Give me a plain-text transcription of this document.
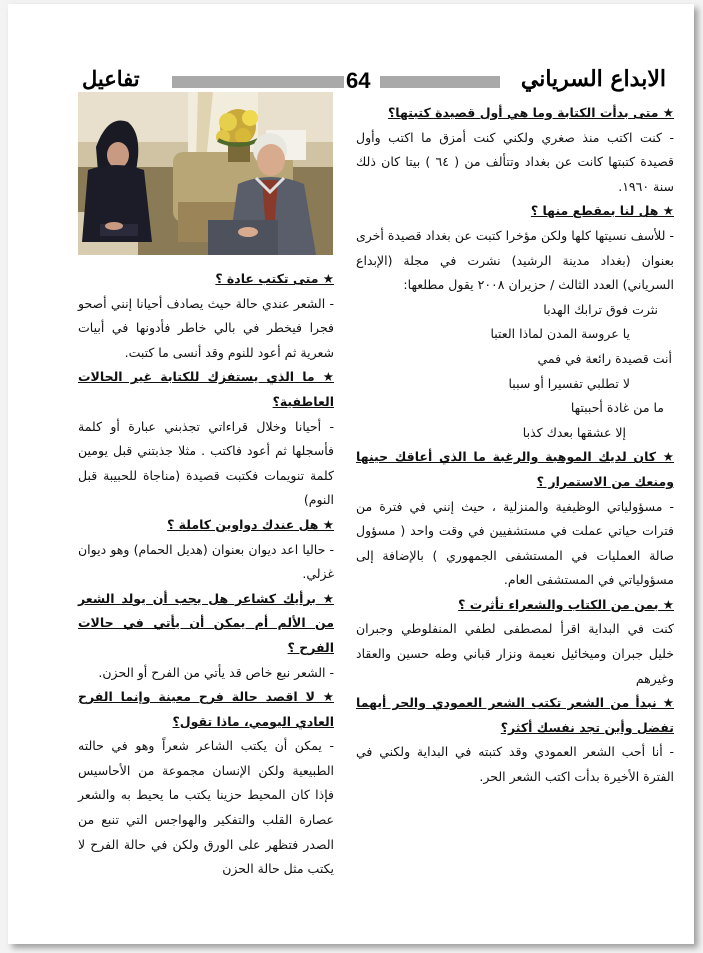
الابداع السرياني
64
تفاعيل

★ متى بدأت الكتابة وما هي أول قصيدة كتبتها؟

- كنت اكتب منذ صغري ولكني كنت أمزق ما اكتب وأول قصيدة كتبتها كانت عن بغداد وتتألف من ( ٦٤ ) بيتا كان ذلك سنة ١٩٦٠.

★ هل لنا بمقطع منها ؟

- للأسف نسيتها كلها ولكن مؤخرا كتبت عن بغداد قصيدة أخرى بعنوان (بغداد مدينة الرشيد) نشرت في مجلة (الإبداع السرياني) العدد الثالث / حزيران ٢٠٠٨ يقول مطلعها:

نثرت فوق ترابك الهدبا

يا عروسة المدن لماذا العتبا

أنت قصيدة رائعة في فمي

لا تطلبي تفسيرا أو سببا

ما من غادة أحببتها

إلا عشقها بعدك كذبا

★ كان لديك الموهبة والرغبة ما الذي أعاقك حينها ومنعك من الاستمرار ؟

- مسؤولياتي الوظيفية والمنزلية ، حيث إنني في فترة من فترات حياتي عملت في مستشفيين في وقت واحد ( مسؤول صالة العمليات في المستشفى الجمهوري ) بالإضافة إلى مسؤولياتي في المستشفى العام.

★ بمن من الكتاب والشعراء تأثرت ؟

كنت في البداية اقرأ لمصطفى لطفي المنفلوطي وجبران خليل جبران وميخائيل نعيمة ونزار قباني وطه حسين والعقاد وغيرهم

★ نبدأ من الشعر تكتب الشعر العمودي والحر أيهما تفضل وأين تجد نفسك أكثر؟

- أنا أحب الشعر العمودي وقد كتبته في البداية ولكني في الفترة الأخيرة بدأت اكتب الشعر الحر.

★ متى تكتب عادة ؟

- الشعر عندي حالة حيث يصادف أحيانا إنني أصحو فجرا فيخطر في بالي خاطر فأدونها في أبيات شعرية ثم أعود للنوم وقد أنسى ما كتبت.

★ ما الذي يستفزك للكتابة غير الحالات العاطفية؟

- أحيانا وخلال قراءاتي تجذبني عبارة أو كلمة فأسجلها ثم أعود فاكتب . مثلا جذبتني قبل يومين كلمة تنويمات فكتبت قصيدة (مناجاة للحبيبة قبل النوم)

★ هل عندك دواوين كاملة ؟

- حاليا اعد ديوان بعنوان (هديل الحمام) وهو ديوان غزلي.

★ برأيك كشاعر هل يجب أن يولد الشعر من الألم أم يمكن أن يأتي في حالات الفرح ؟

- الشعر نبع خاص قد يأتي من الفرح أو الحزن.

★ لا اقصد حالة فرح معينة وإنما الفرح العادي اليومي، ماذا تقول؟

- يمكن أن يكتب الشاعر شعراً وهو في حالته الطبيعية ولكن الإنسان مجموعة من الأحاسيس فإذا كان المحيط حزينا يكتب ما يحيط به والشعر عصارة القلب والتفكير والهواجس التي تنبع من الصدر فتظهر على الورق ولكن في حالة الفرح لا يكتب مثل حالة الحزن
